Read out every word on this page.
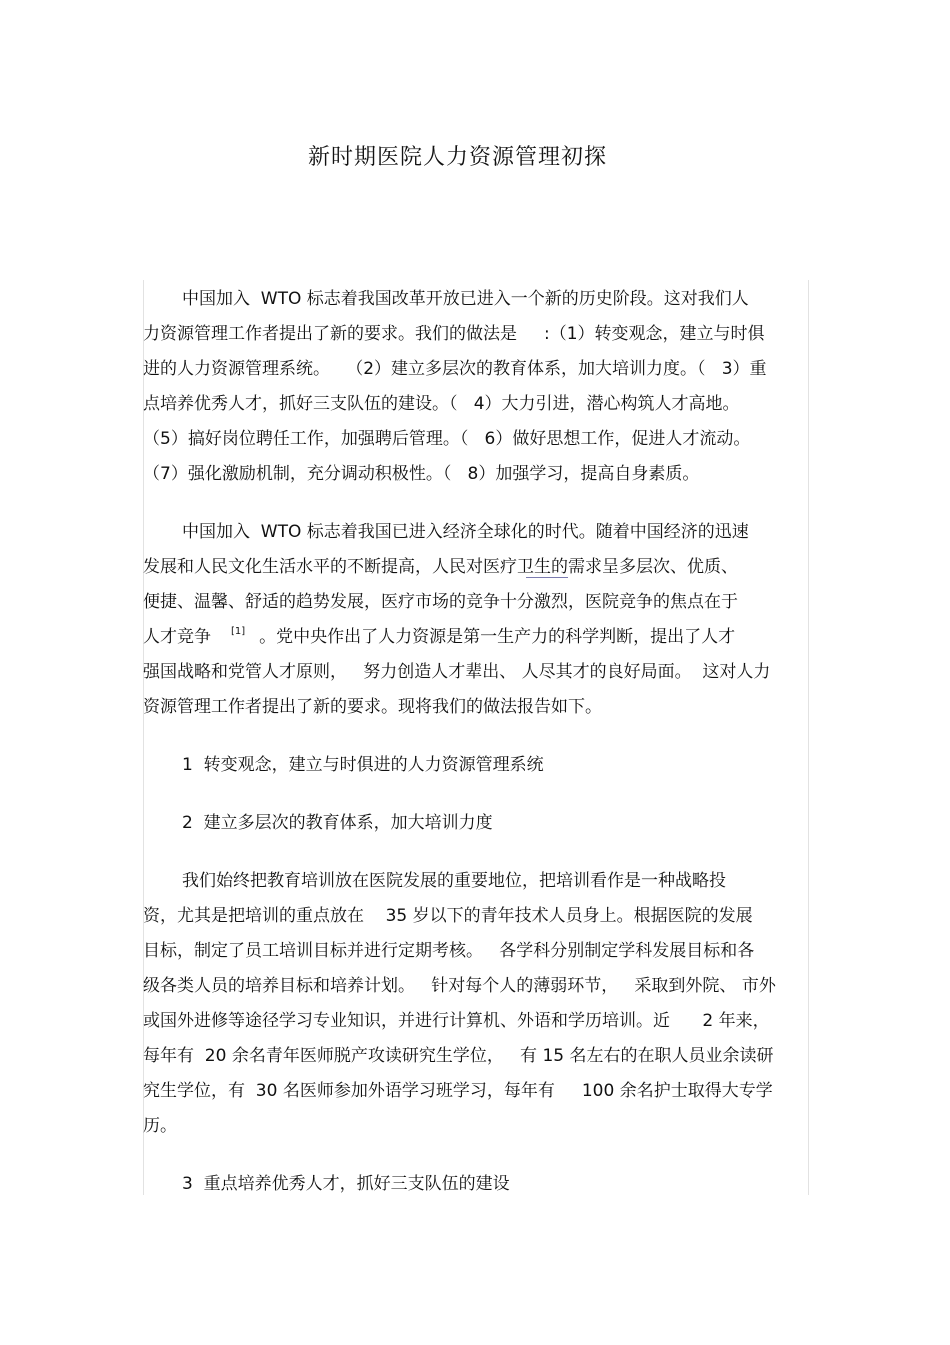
新时期医院人力资源管理初探
中国加入  WTO 标志着我国改革开放已进入一个新的历史阶段。这对我们人
力资源管理工作者提出了新的要求。我们的做法是     :（1）转变观念，建立与时俱
进的人力资源管理系统。   （2）建立多层次的教育体系，加大培训力度。（   3）重
点培养优秀人才，抓好三支队伍的建设。（   4）大力引进，潜心构筑人才高地。
（5）搞好岗位聘任工作，加强聘后管理。（   6）做好思想工作，促进人才流动。
（7）强化激励机制，充分调动积极性。（   8）加强学习，提高自身素质。
中国加入  WTO 标志着我国已进入经济全球化的时代。随着中国经济的迅速
发展和人民文化生活水平的不断提高，人民对医疗卫生的需求呈多层次、优质、
便捷、温馨、舒适的趋势发展，医疗市场的竞争十分激烈，医院竞争的焦点在于
人才竞争 [1] 。党中央作出了人力资源是第一生产力的科学判断，提出了人才
强国战略和党管人才原则，   努力创造人才辈出、 人尽其才的良好局面。  这对人力
资源管理工作者提出了新的要求。现将我们的做法报告如下。
1  转变观念，建立与时俱进的人力资源管理系统
2  建立多层次的教育体系，加大培训力度
我们始终把教育培训放在医院发展的重要地位，把培训看作是一种战略投
资，尤其是把培训的重点放在    35 岁以下的青年技术人员身上。根据医院的发展
目标，制定了员工培训目标并进行定期考核。   各学科分别制定学科发展目标和各
级各类人员的培养目标和培养计划。   针对每个人的薄弱环节，   采取到外院、 市外
或国外进修等途径学习专业知识，并进行计算机、外语和学历培训。近      2 年来，
每年有  20 余名青年医师脱产攻读研究生学位，   有 15 名左右的在职人员业余读研
究生学位，有  30 名医师参加外语学习班学习，每年有     100 余名护士取得大专学
历。
3  重点培养优秀人才，抓好三支队伍的建设
